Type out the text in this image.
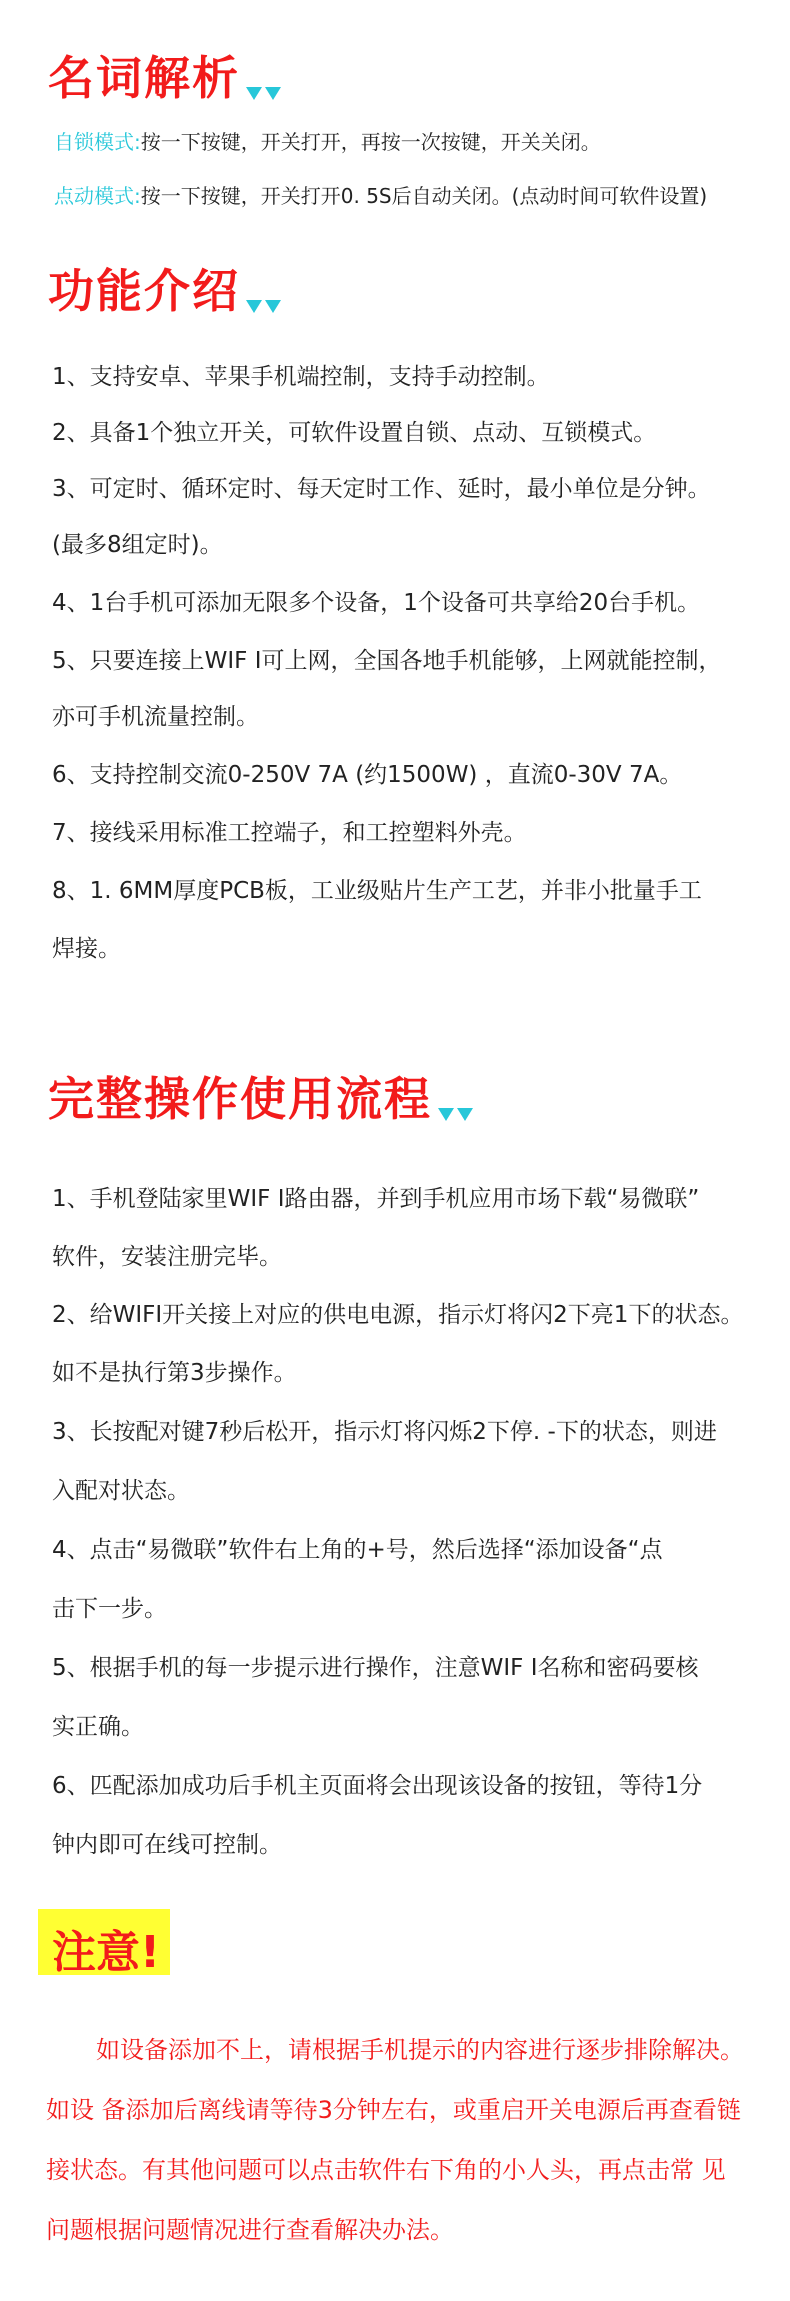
名词解析
自锁模式:按一下按键，开关打开，再按一次按键，开关关闭。
点动模式:按一下按键，开关打开0. 5S后自动关闭。(点动时间可软件设置)
功能介绍
1、支持安卓、苹果手机端控制，支持手动控制。
2、具备1个独立开关，可软件设置自锁、点动、互锁模式。
3、可定时、循环定时、每天定时工作、延时，最小单位是分钟。
(最多8组定时)。
4、1台手机可添加无限多个设备，1个设备可共享给20台手机。
5、只要连接上WIF I可上网，全国各地手机能够，上网就能控制，
亦可手机流量控制。
6、支持控制交流0-250V 7A (约1500W) ，直流0-30V 7A。
7、接线采用标准工控端子，和工控塑料外壳。
8、1. 6MM厚度PCB板，工业级贴片生产工艺，并非小批量手工
焊接。
完整操作使用流程
1、手机登陆家里WIF I路由器，并到手机应用市场下载“易微联”
软件，安装注册完毕。
2、给WIFI开关接上对应的供电电源，指示灯将闪2下亮1下的状态。
如不是执行第3步操作。
3、长按配对键7秒后松开，指示灯将闪烁2下停. -下的状态，则进
入配对状态。
4、点击“易微联”软件右上角的+号，然后选择“添加设备“点
击下一步。
5、根据手机的每一步提示进行操作，注意WIF I名称和密码要核
实正确。
6、匹配添加成功后手机主页面将会出现该设备的按钮，等待1分
钟内即可在线可控制。
注意!
如设备添加不上，请根据手机提示的内容进行逐步排除解决。
如设 备添加后离线请等待3分钟左右，或重启开关电源后再查看链
接状态。有其他问题可以点击软件右下角的小人头，再点击常 见
问题根据问题情况进行查看解决办法。
